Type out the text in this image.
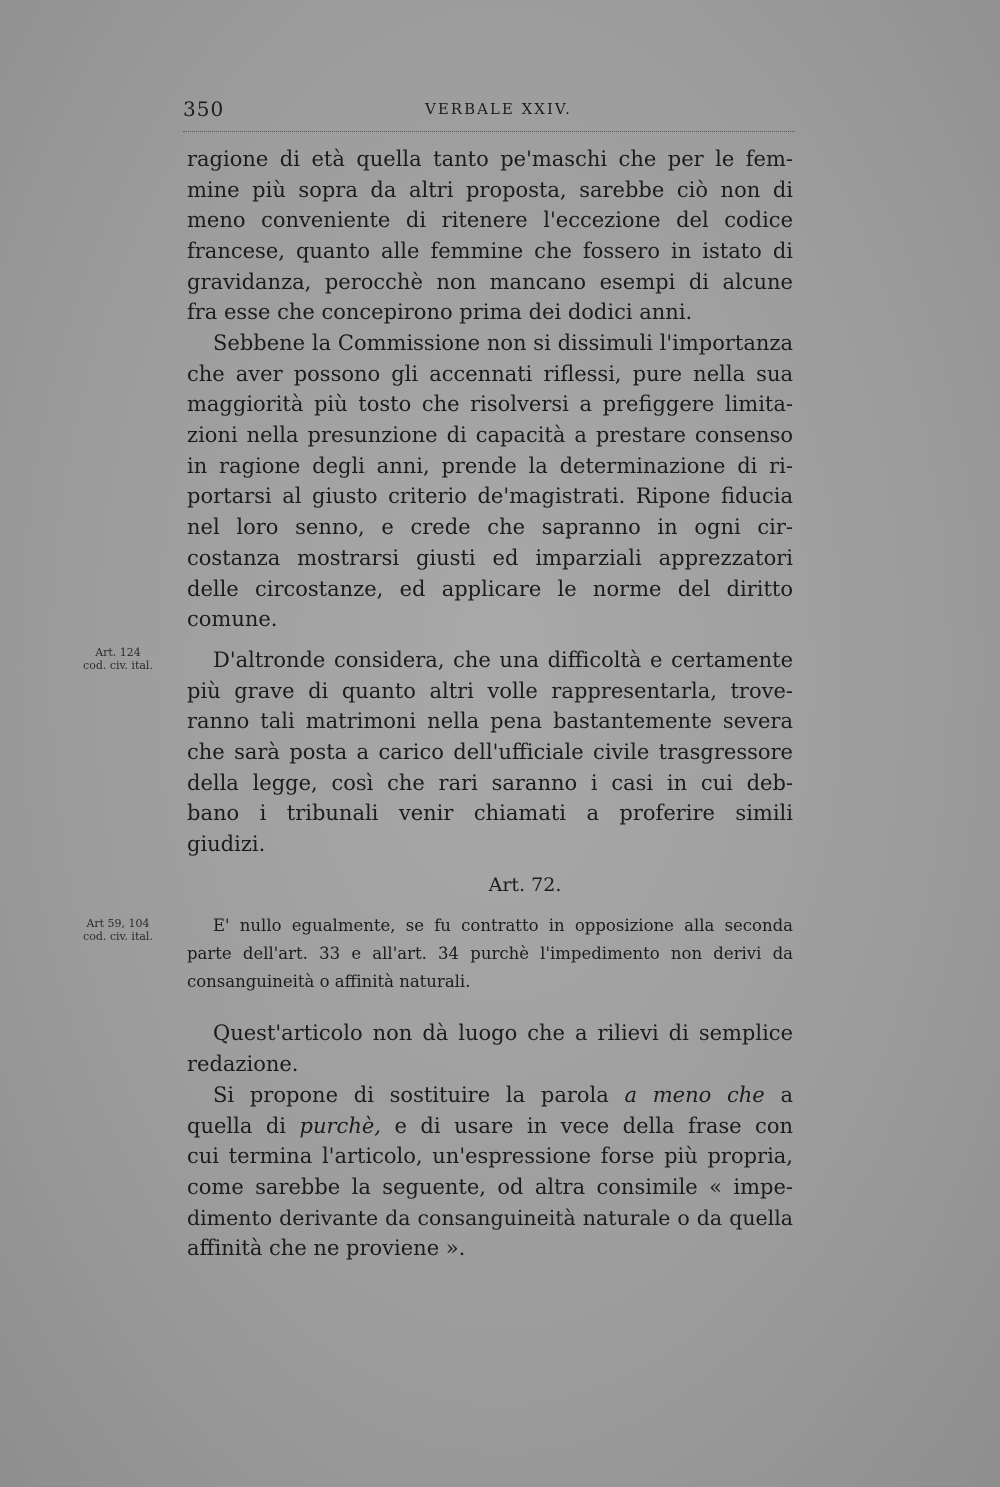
350	VERBALE XXIV.
ragione di età quella tanto pe'maschi che per le fem-
mine più sopra da altri proposta, sarebbe ciò non di
meno conveniente di ritenere l'eccezione del codice
francese, quanto alle femmine che fossero in istato di
gravidanza, perocchè non mancano esempi di alcune
fra esse che concepirono prima dei dodici anni.
Sebbene la Commissione non si dissimuli l'importanza
che aver possono gli accennati riflessi, pure nella sua
maggiorità più tosto che risolversi a prefiggere limita-
zioni nella presunzione di capacità a prestare consenso
in ragione degli anni, prende la determinazione di ri-
portarsi al giusto criterio de'magistrati. Ripone fiducia
nel loro senno, e crede che sapranno in ogni cir-
costanza mostrarsi giusti ed imparziali apprezzatori
delle circostanze, ed applicare le norme del diritto
comune.
Art. 124
cod. civ. ital.	D'altronde considera, che una difficoltà e certamente
più grave di quanto altri volle rappresentarla, trove-
ranno tali matrimoni nella pena bastantemente severa
che sarà posta a carico dell'ufficiale civile trasgressore
della legge, così che rari saranno i casi in cui deb-
bano i tribunali venir chiamati a proferire simili
giudizi.
Art. 72.
Art 59, 104
cod. civ. ital.
E' nullo egualmente, se fu contratto in opposizione alla seconda
parte dell'art. 33 e all'art. 34 purchè l'impedimento non derivi da
consanguineità o affinità naturali.
Quest'articolo non dà luogo che a rilievi di semplice
redazione.
Si propone di sostituire la parola a meno che a
quella di purchè, e di usare in vece della frase con
cui termina l'articolo, un'espressione forse più propria,
come sarebbe la seguente, od altra consimile « impe-
dimento derivante da consanguineità naturale o da quella
affinità che ne proviene ».
